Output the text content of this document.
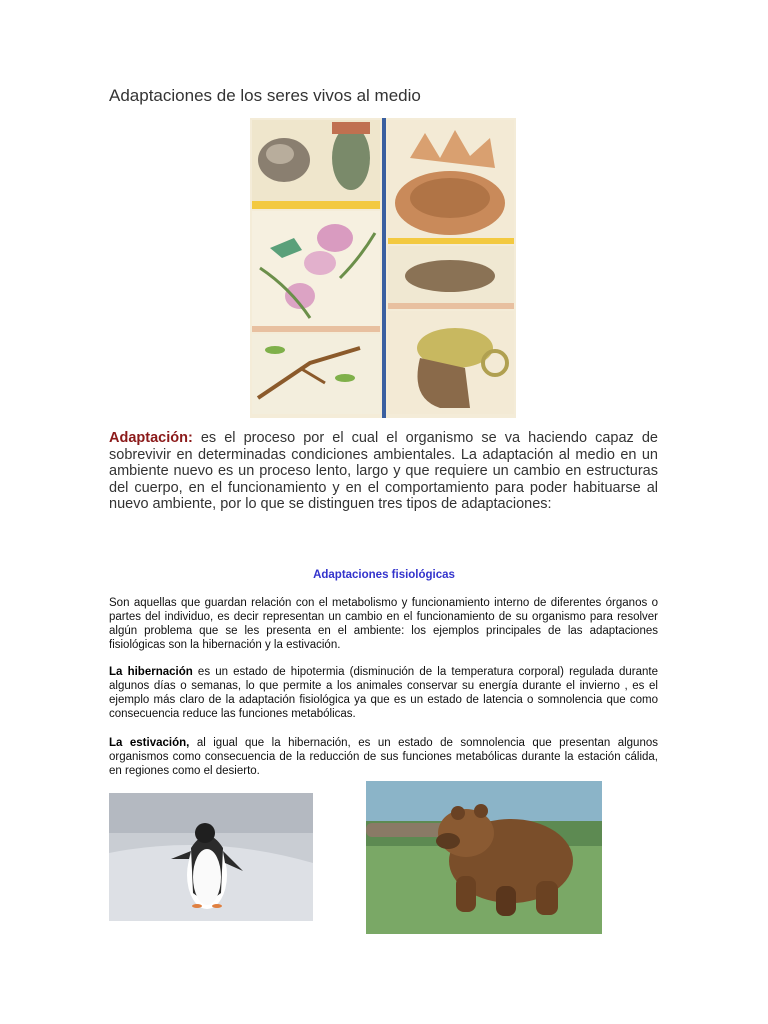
Adaptaciones de los seres vivos al medio
Adaptación: es el proceso por el cual el organismo se va haciendo capaz de sobrevivir en determinadas condiciones ambientales. La adaptación al medio en un ambiente nuevo es un proceso lento, largo y que requiere un cambio en estructuras del cuerpo, en el funcionamiento y en el comportamiento para poder habituarse al nuevo ambiente, por lo que se distinguen tres tipos de adaptaciones:
Adaptaciones fisiológicas
Son aquellas que guardan relación con el metabolismo y funcionamiento interno de diferentes órganos o partes del individuo, es decir representan un cambio en el funcionamiento de su organismo para resolver algún problema que se les presenta en el ambiente: los ejemplos principales de las adaptaciones fisiológicas son la hibernación y la estivación.
La hibernación es un estado de hipotermia (disminución de la temperatura corporal) regulada durante algunos días o semanas, lo que permite a los animales conservar su energía durante el invierno , es el ejemplo más claro de la adaptación fisiológica ya que es un estado de latencia o somnolencia que como consecuencia reduce las funciones metabólicas.
La estivación, al igual que la hibernación, es un estado de somnolencia que presentan algunos organismos como consecuencia de la reducción de sus funciones metabólicas durante la estación cálida, en regiones como el desierto.
